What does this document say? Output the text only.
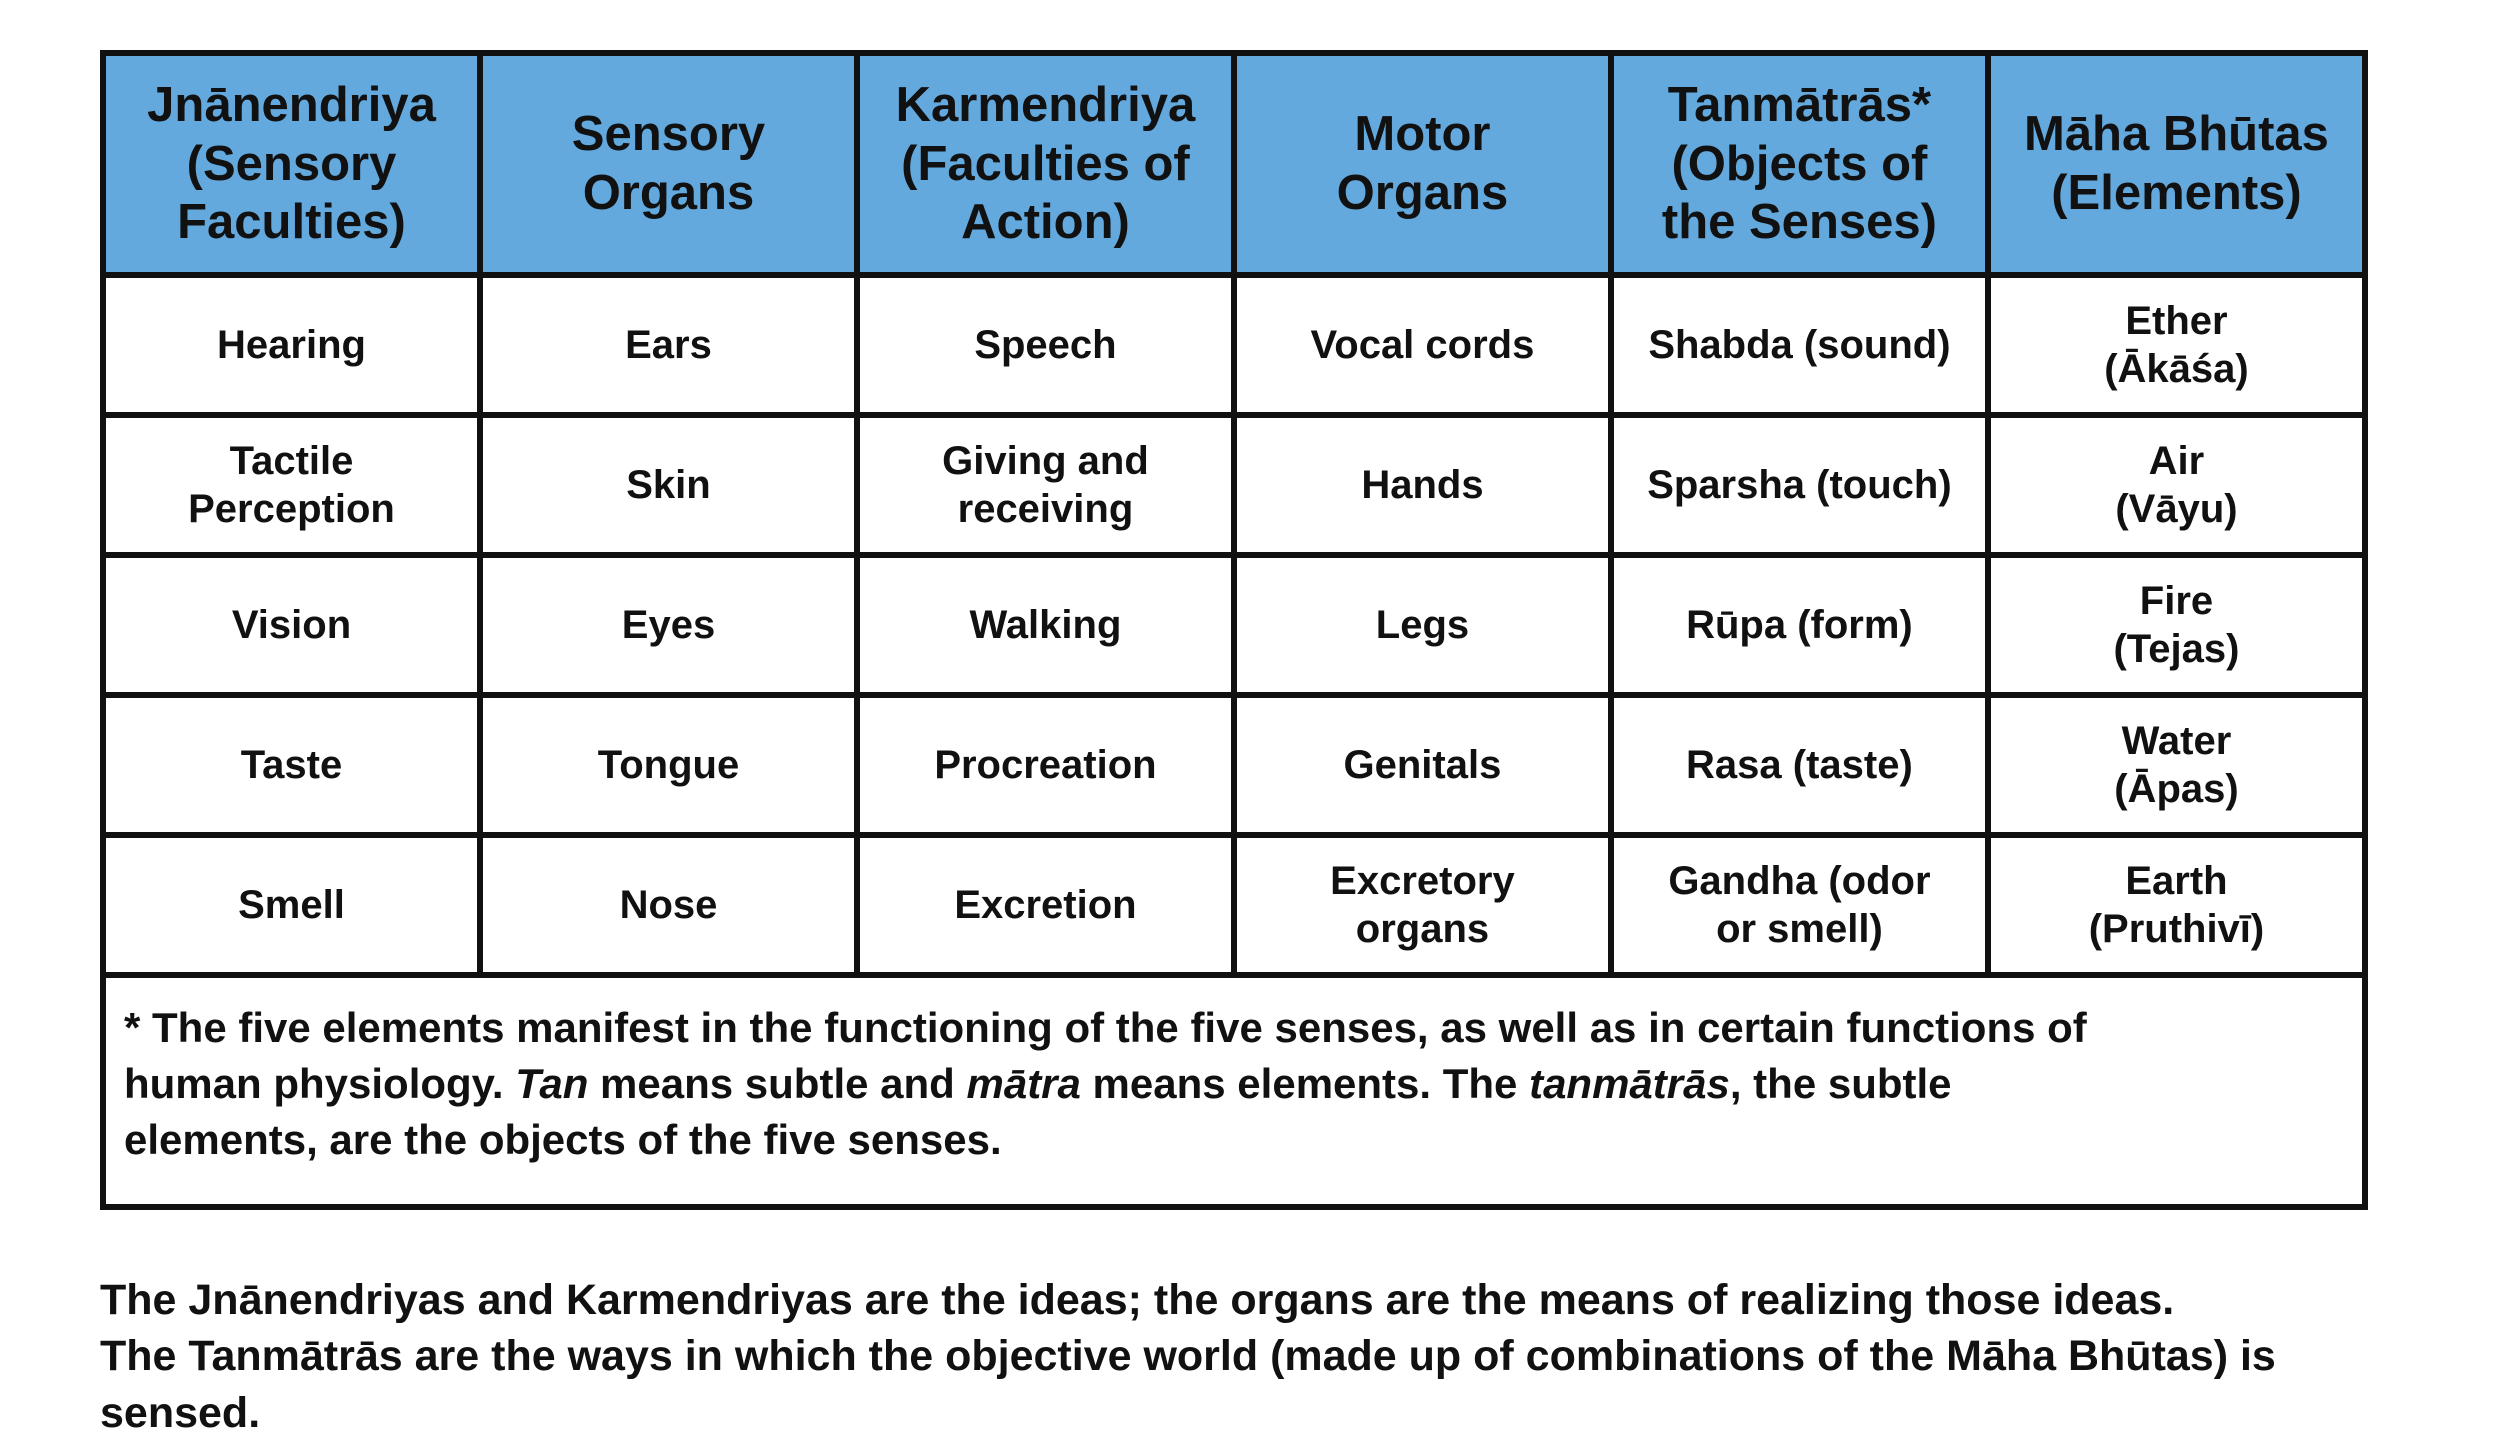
Jnānendriya
(Sensory
Faculties)	Sensory
Organs	Karmendriya
(Faculties of
Action)	Motor
Organs	Tanmātrās*
(Objects of
the Senses)	Māha Bhūtas
(Elements)

Hearing	Ears	Speech	Vocal cords	Shabda (sound)	Ether
(Ākāśa)

Tactile
Perception	Skin	Giving and
receiving	Hands	Sparsha (touch)	Air
(Vāyu)

Vision	Eyes	Walking	Legs	Rūpa (form)	Fire
(Tejas)

Taste	Tongue	Procreation	Genitals	Rasa (taste)	Water
(Āpas)

Smell	Nose	Excretion	Excretory
organs	Gandha (odor
or smell)	Earth
(Pruthivī)

* The five elements manifest in the functioning of the five senses, as well as in certain functions of
human physiology. Tan means subtle and mātra means elements. The tanmātrās, the subtle
elements, are the objects of the five senses.					
The Jnānendriyas and Karmendriyas are the ideas; the organs are the means of realizing those ideas.
The Tanmātrās are the ways in which the objective world (made up of combinations of the Māha Bhūtas) is
sensed.
